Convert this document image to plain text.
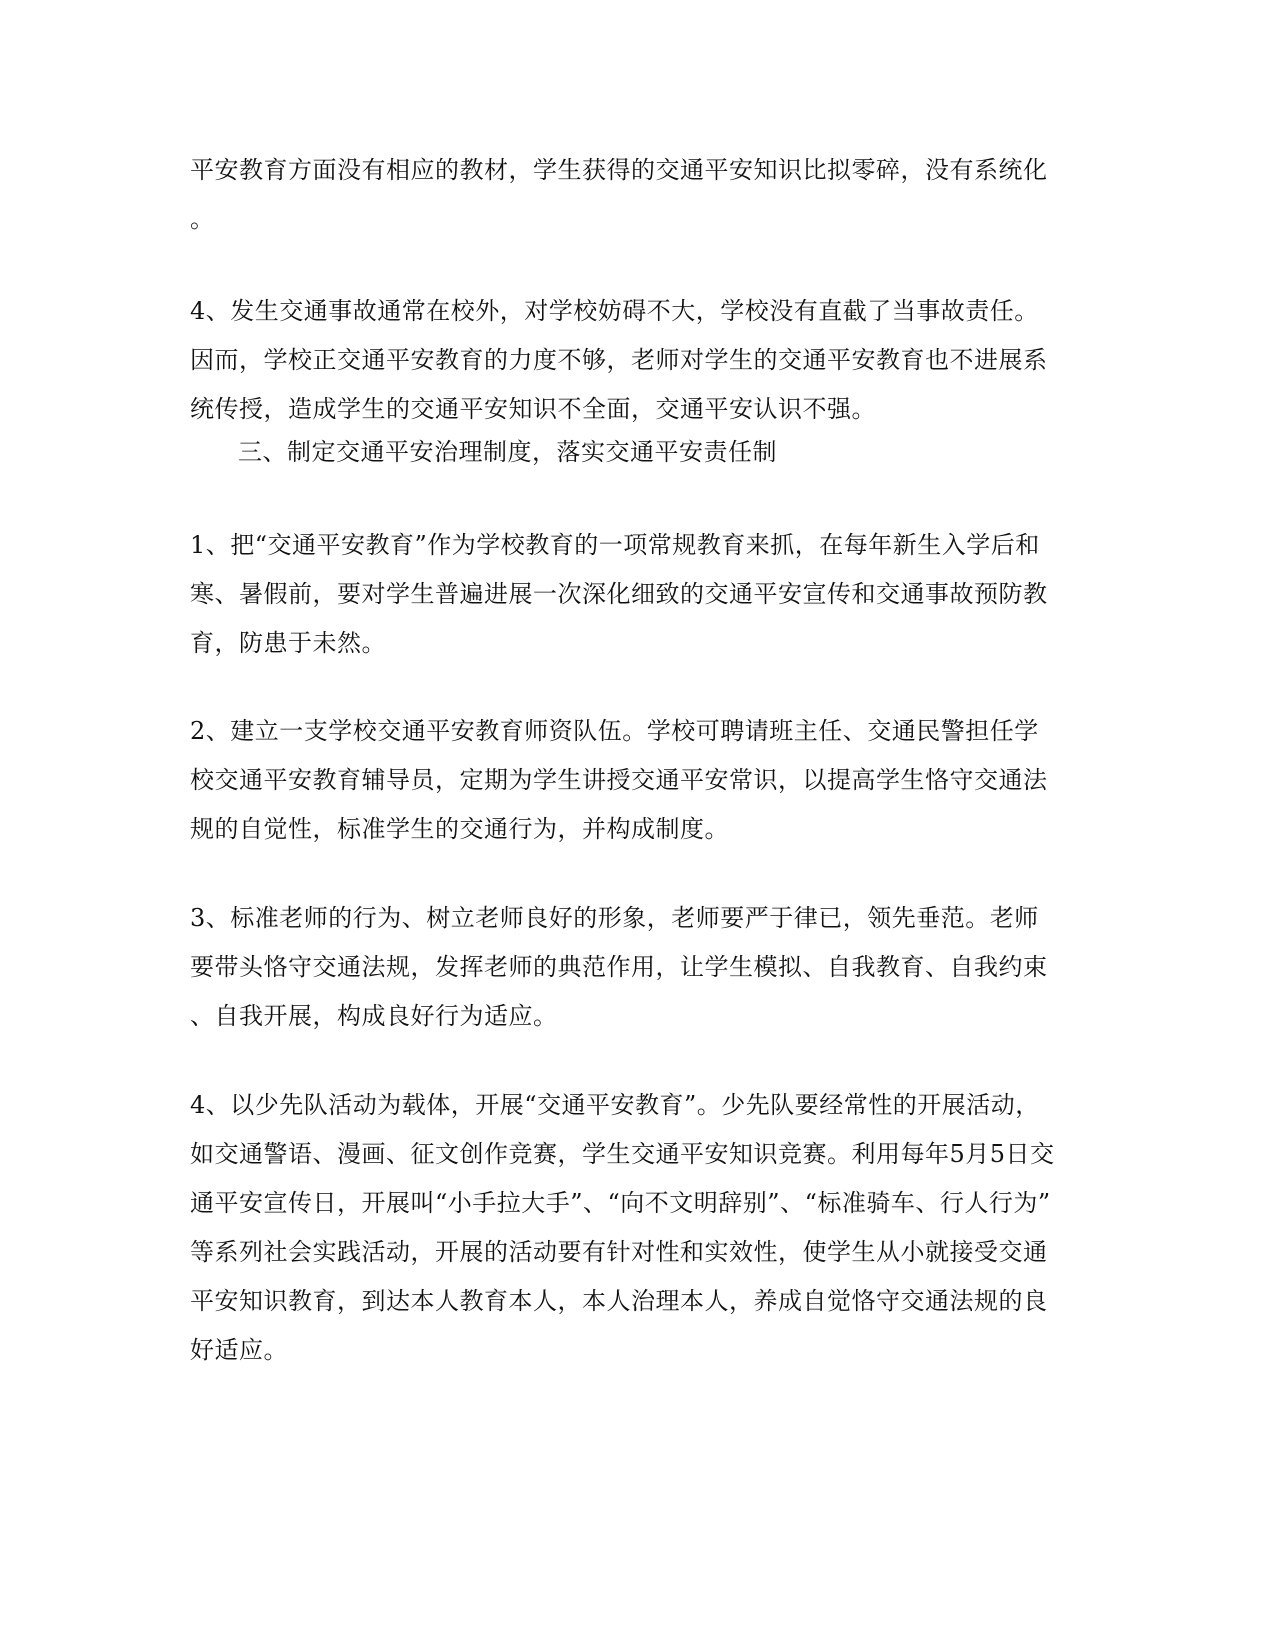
平安教育方面没有相应的教材，学生获得的交通平安知识比拟零碎，没有系统化
。

4、发生交通事故通常在校外，对学校妨碍不大，学校没有直截了当事故责任。
因而，学校正交通平安教育的力度不够，老师对学生的交通平安教育也不进展系
统传授，造成学生的交通平安知识不全面，交通平安认识不强。

三、制定交通平安治理制度，落实交通平安责任制

1、把“交通平安教育”作为学校教育的一项常规教育来抓，在每年新生入学后和
寒、暑假前，要对学生普遍进展一次深化细致的交通平安宣传和交通事故预防教
育，防患于未然。

2、建立一支学校交通平安教育师资队伍。学校可聘请班主任、交通民警担任学
校交通平安教育辅导员，定期为学生讲授交通平安常识，以提高学生恪守交通法
规的自觉性，标准学生的交通行为，并构成制度。

3、标准老师的行为、树立老师良好的形象，老师要严于律已，领先垂范。老师
要带头恪守交通法规，发挥老师的典范作用，让学生模拟、自我教育、自我约束
、自我开展，构成良好行为适应。

4、以少先队活动为载体，开展“交通平安教育”。少先队要经常性的开展活动，
如交通警语、漫画、征文创作竞赛，学生交通平安知识竞赛。利用每年5月5日交
通平安宣传日，开展叫“小手拉大手”、“向不文明辞别”、“标准骑车、行人行为”
等系列社会实践活动，开展的活动要有针对性和实效性，使学生从小就接受交通
平安知识教育，到达本人教育本人，本人治理本人，养成自觉恪守交通法规的良
好适应。
